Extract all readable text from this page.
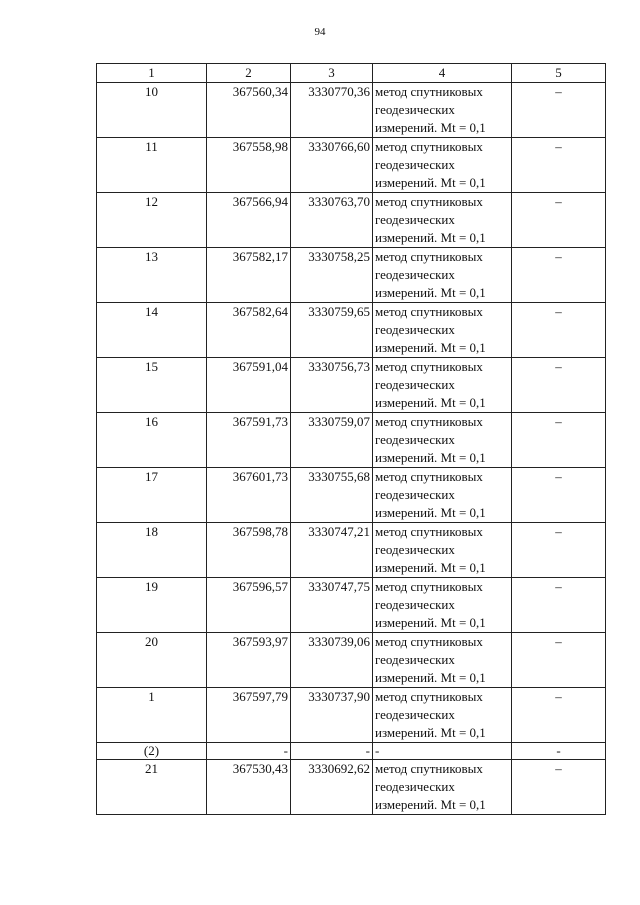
94
1	2	3	4	5
10	367560,34	3330770,36	метод спутниковых
геодезических
измерений. Mt = 0,1	–
11	367558,98	3330766,60	метод спутниковых
геодезических
измерений. Mt = 0,1	–
12	367566,94	3330763,70	метод спутниковых
геодезических
измерений. Mt = 0,1	–
13	367582,17	3330758,25	метод спутниковых
геодезических
измерений. Mt = 0,1	–
14	367582,64	3330759,65	метод спутниковых
геодезических
измерений. Mt = 0,1	–
15	367591,04	3330756,73	метод спутниковых
геодезических
измерений. Mt = 0,1	–
16	367591,73	3330759,07	метод спутниковых
геодезических
измерений. Mt = 0,1	–
17	367601,73	3330755,68	метод спутниковых
геодезических
измерений. Mt = 0,1	–
18	367598,78	3330747,21	метод спутниковых
геодезических
измерений. Mt = 0,1	–
19	367596,57	3330747,75	метод спутниковых
геодезических
измерений. Mt = 0,1	–
20	367593,97	3330739,06	метод спутниковых
геодезических
измерений. Mt = 0,1	–
1	367597,79	3330737,90	метод спутниковых
геодезических
измерений. Mt = 0,1	–
(2)	-	-	-	-
21	367530,43	3330692,62	метод спутниковых
геодезических
измерений. Mt = 0,1	–
